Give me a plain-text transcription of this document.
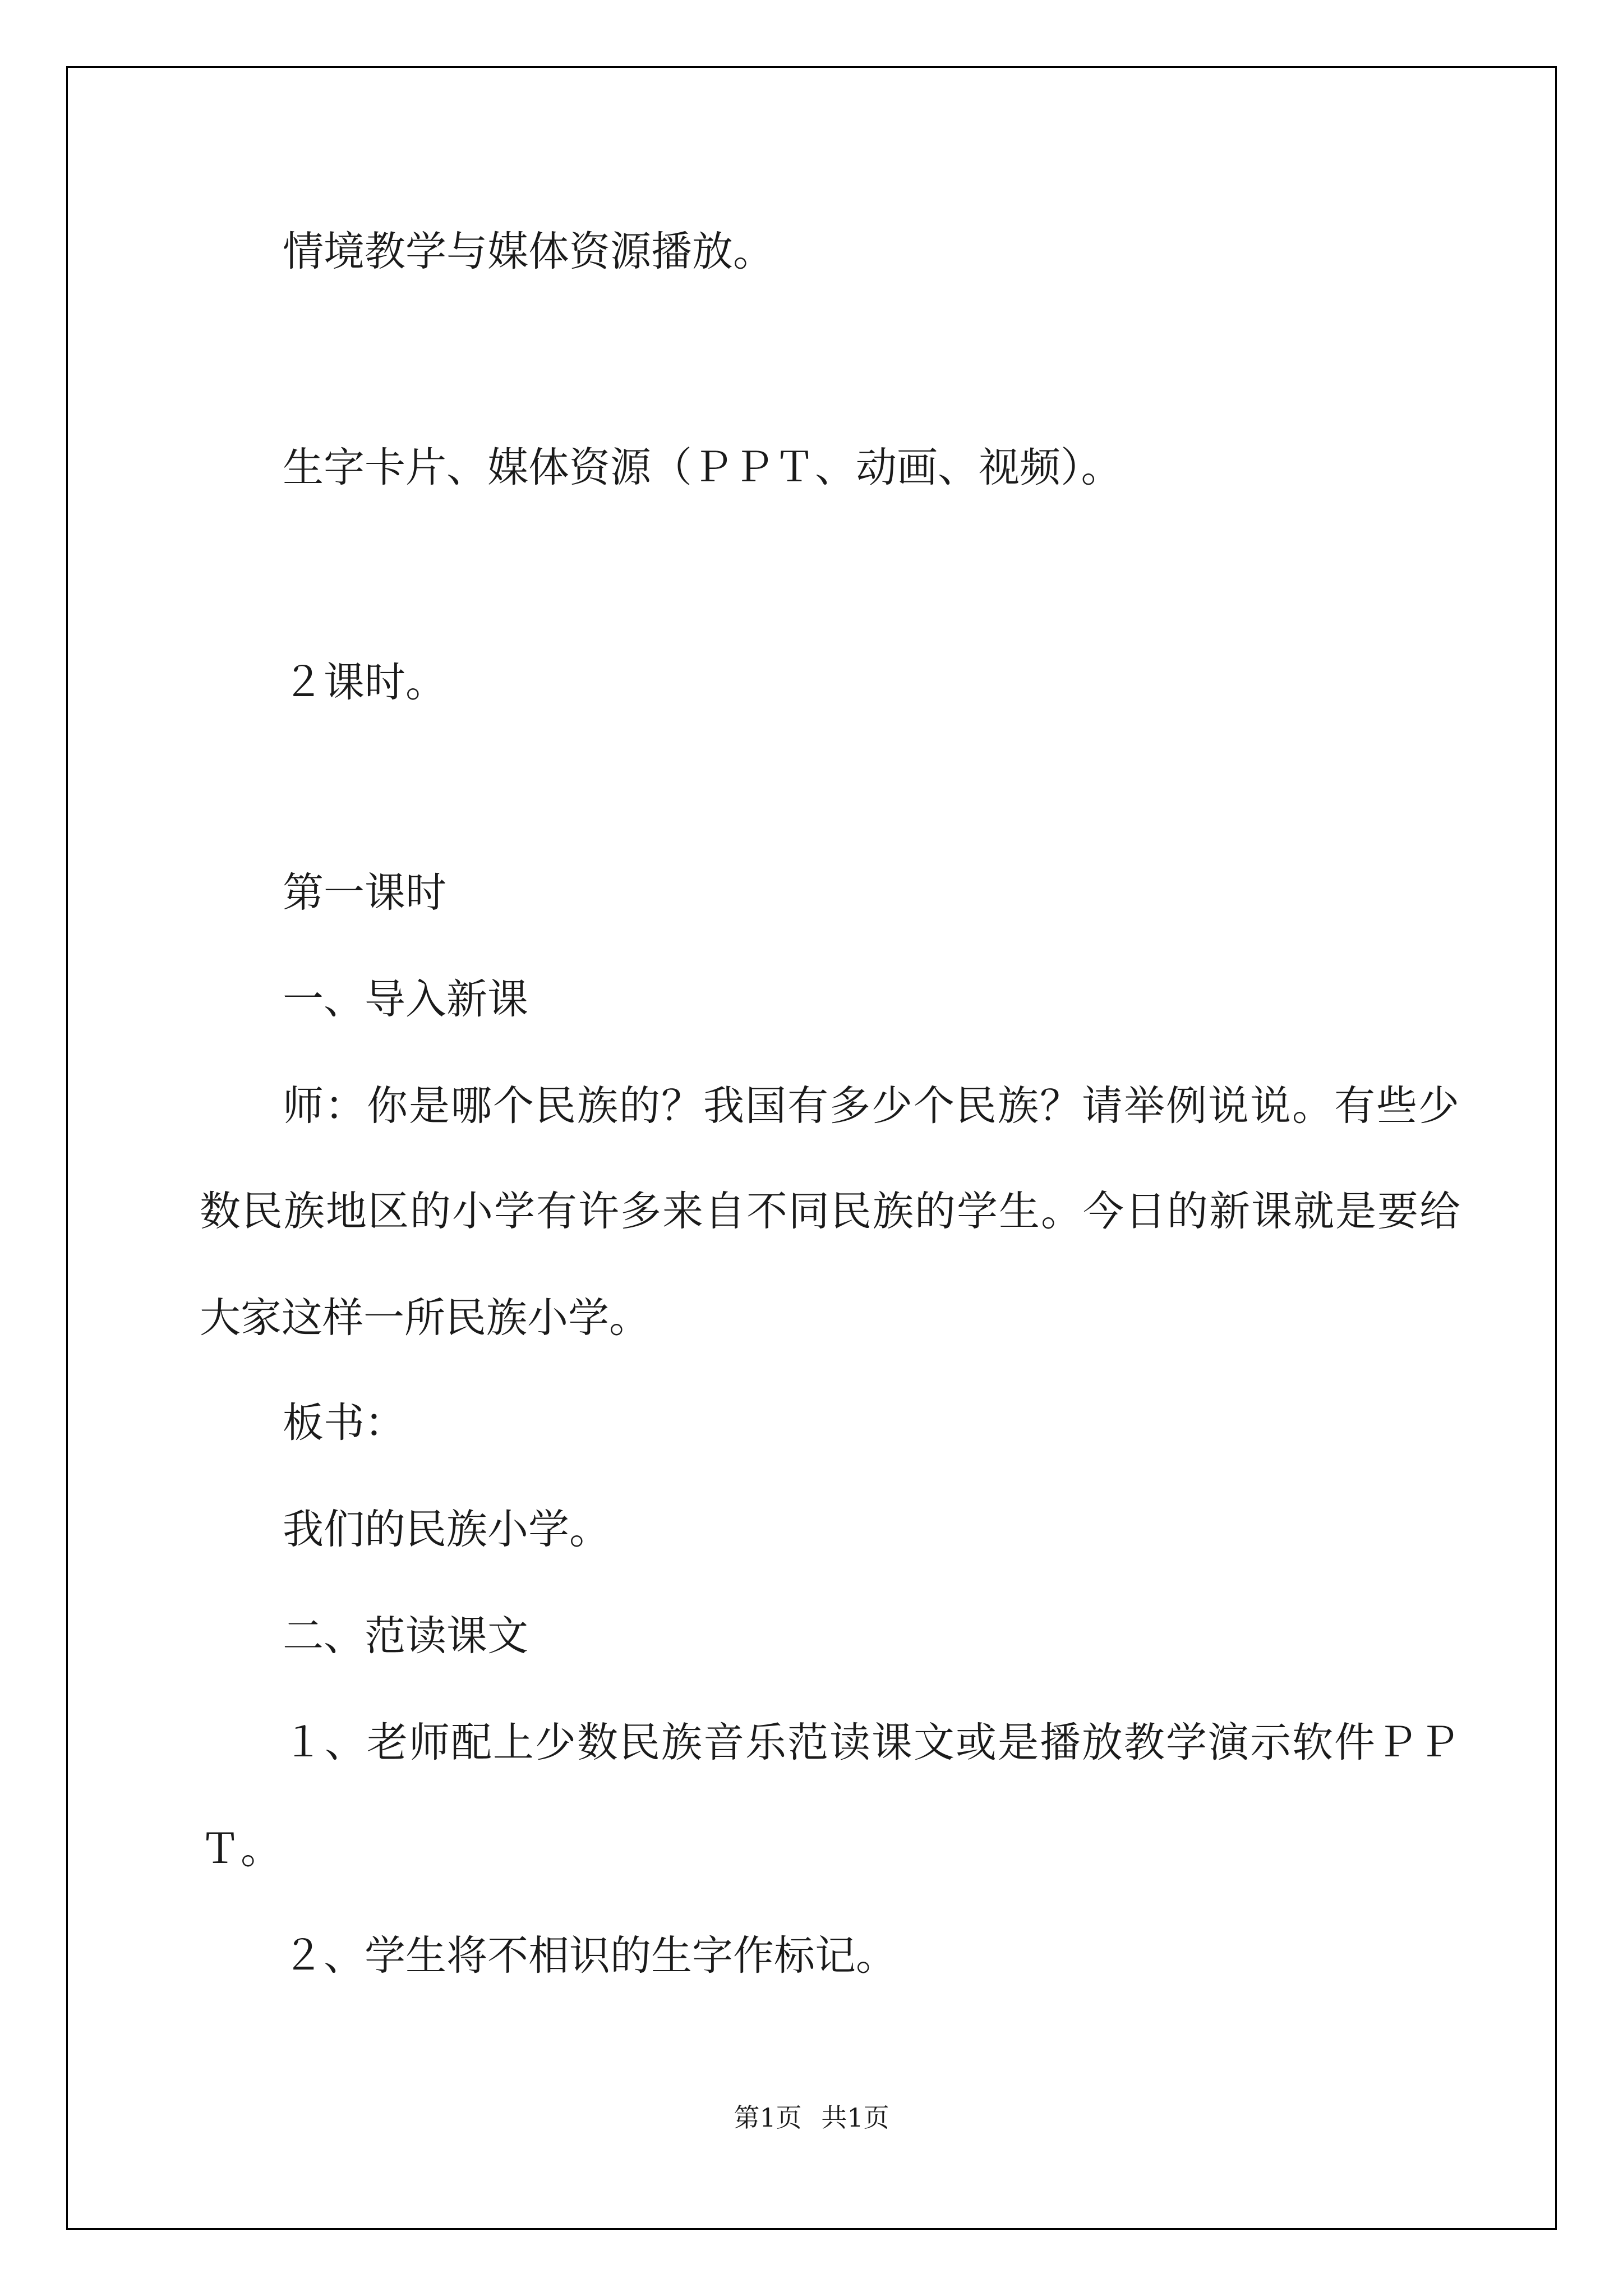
情境教学与媒体资源播放。
生字卡片、媒体资源（ＰＰＴ、动画、视频）。
２课时。
第一课时
一、导入新课
师：你是哪个民族的？我国有多少个民族？请举例说说。有些少
数民族地区的小学有许多来自不同民族的学生。今日的新课就是要给
大家这样一所民族小学。
板书：
我们的民族小学。
二、范读课文
１、老师配上少数民族音乐范读课文或是播放教学演示软件ＰＰ
Ｔ。
２、学生将不相识的生字作标记。
第1页 共1页
